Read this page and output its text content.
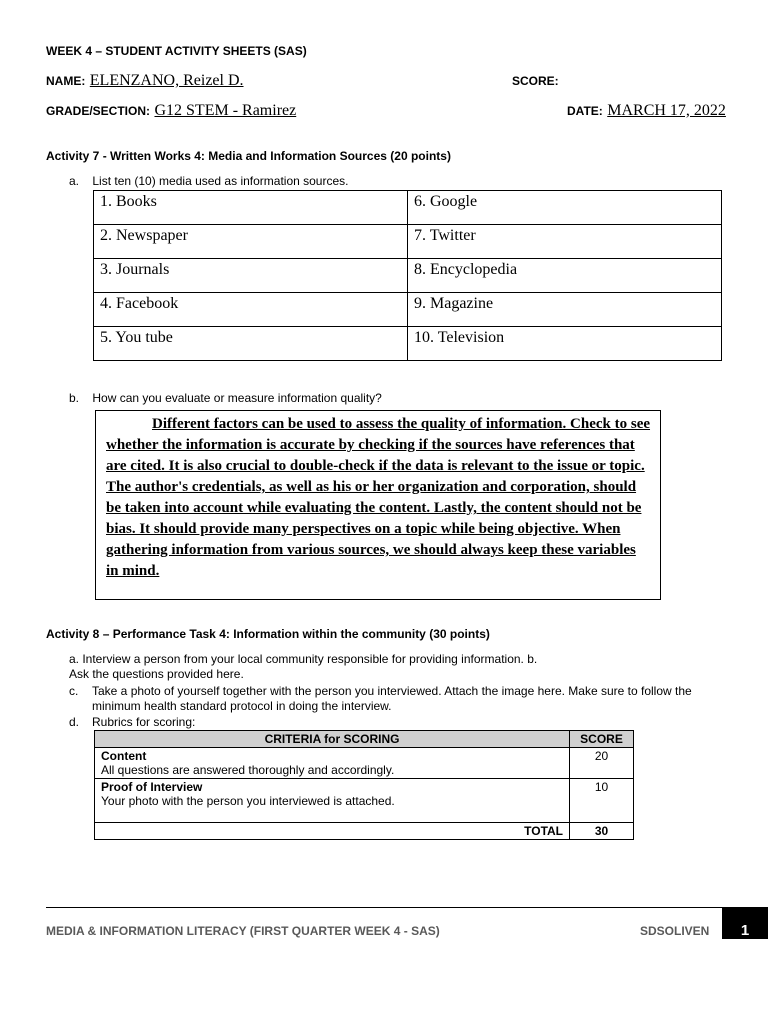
WEEK 4 – STUDENT ACTIVITY SHEETS (SAS)
NAME: ELENZANO, Reizel D.	SCORE:
GRADE/SECTION: G12 STEM - Ramirez	DATE: MARCH 17, 2022
Activity 7 - Written Works 4: Media and Information Sources (20 points)
a. List ten (10) media used as information sources.
1. Books	6. Google
2. Newspaper	7. Twitter
3. Journals	8. Encyclopedia
4. Facebook	9. Magazine
5. You tube	10. Television
b. How can you evaluate or measure information quality?

Different factors can be used to assess the quality of information. Check to see whether the information is accurate by checking if the sources have references that are cited. It is also crucial to double-check if the data is relevant to the issue or topic. The author's credentials, as well as his or her organization and corporation, should be taken into account while evaluating the content. Lastly, the content should not be bias. It should provide many perspectives on a topic while being objective. When gathering information from various sources, we should always keep these variables in mind.

Activity 8 – Performance Task 4: Information within the community (30 points)
a. Interview a person from your local community responsible for providing information. b.
Ask the questions provided here.
c. Take a photo of yourself together with the person you interviewed. Attach the image here. Make sure to follow the
minimum health standard protocol in doing the interview.
d. Rubrics for scoring:
CRITERIA for SCORING	SCORE

Content
All questions are answered thoroughly and accordingly.	20

Proof of Interview
Your photo with the person you interviewed is attached.	10
TOTAL	30
MEDIA & INFORMATION LITERACY (FIRST QUARTER WEEK 4 - SAS)	SDSOLIVEN 1
